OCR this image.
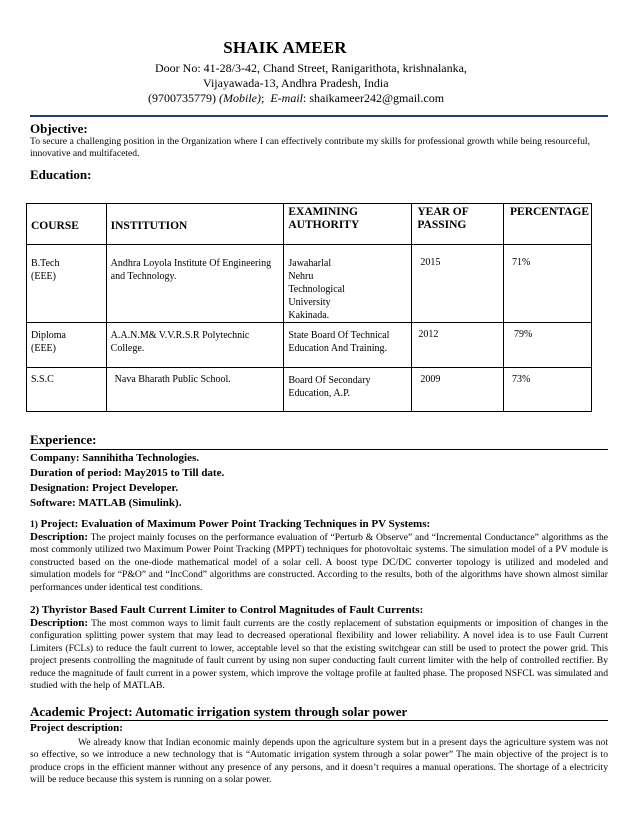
SHAIK AMEER
Door No: 41-28/3-42, Chand Street, Ranigarithota, krishnalanka,
Vijayawada-13, Andhra Pradesh, India
(9700735779) (Mobile);  E-mail: shaikameer242@gmail.com
Objective:
To secure a challenging position in the Organization where I can effectively contribute my skills for professional growth while being resourceful, innovative and multifaceted.
Education:
COURSE	INSTITUTION	EXAMINING AUTHORITY	YEAR OF PASSING	PERCENTAGE

B.Tech (EEE)	Andhra Loyola Institute Of Engineering and Technology.	Jawaharlal Nehru Technological University Kakinada.	2015	71%

Diploma (EEE)	A.A.N.M& V.V.R.S.R Polytechnic College.	State Board Of Technical Education And Training.	2012	79%

S.S.C	Nava Bharath Public School.	Board Of Secondary Education, A.P.	2009	73%
Experience:
Company: Sannihitha Technologies.
Duration of period: May2015 to Till date.
Designation: Project Developer.
Software: MATLAB (Simulink).
1) Project: Evaluation of Maximum Power Point Tracking Techniques in PV Systems:
Description: The project mainly focuses on the performance evaluation of “Perturb & Observe” and “Incremental Conductance” algorithms as the most commonly utilized two Maximum Power Point Tracking (MPPT) techniques for photovoltaic systems. The simulation model of a PV module is constructed based on the one-diode mathematical model of a solar cell. A boost type DC/DC converter topology is utilized and modeled and simulation models for “P&O” and “IncCond” algorithms are constructed. According to the results, both of the algorithms have shown almost similar performances under identical test conditions.
2) Thyristor Based Fault Current Limiter to Control Magnitudes of Fault Currents:
Description: The most common ways to limit fault currents are the costly replacement of substation equipments or imposition of changes in the configuration splitting power system that may lead to decreased operational flexibility and lower reliability. A novel idea is to use Fault Current Limiters (FCLs) to reduce the fault current to lower, acceptable level so that the existing switchgear can still be used to protect the power grid. This project presents controlling the magnitude of fault current by using non super conducting fault current limiter with the help of controlled rectifier. By reduce the magnitude of fault current in a power system, which improve the voltage profile at faulted phase. The proposed NSFCL was simulated and studied with the help of MATLAB.
Academic Project: Automatic irrigation system through solar power
Project description:
We already know that Indian economic mainly depends upon the agriculture system but in a present days the agriculture system was not so effective, so we introduce a new technology that is “Automatic irrigation system through a solar power” The main objective of the project is to produce crops in the efficient manner without any presence of any persons, and it doesn’t requires a manual operations. The shortage of a electricity will be reduce because this system is running on a solar power.
